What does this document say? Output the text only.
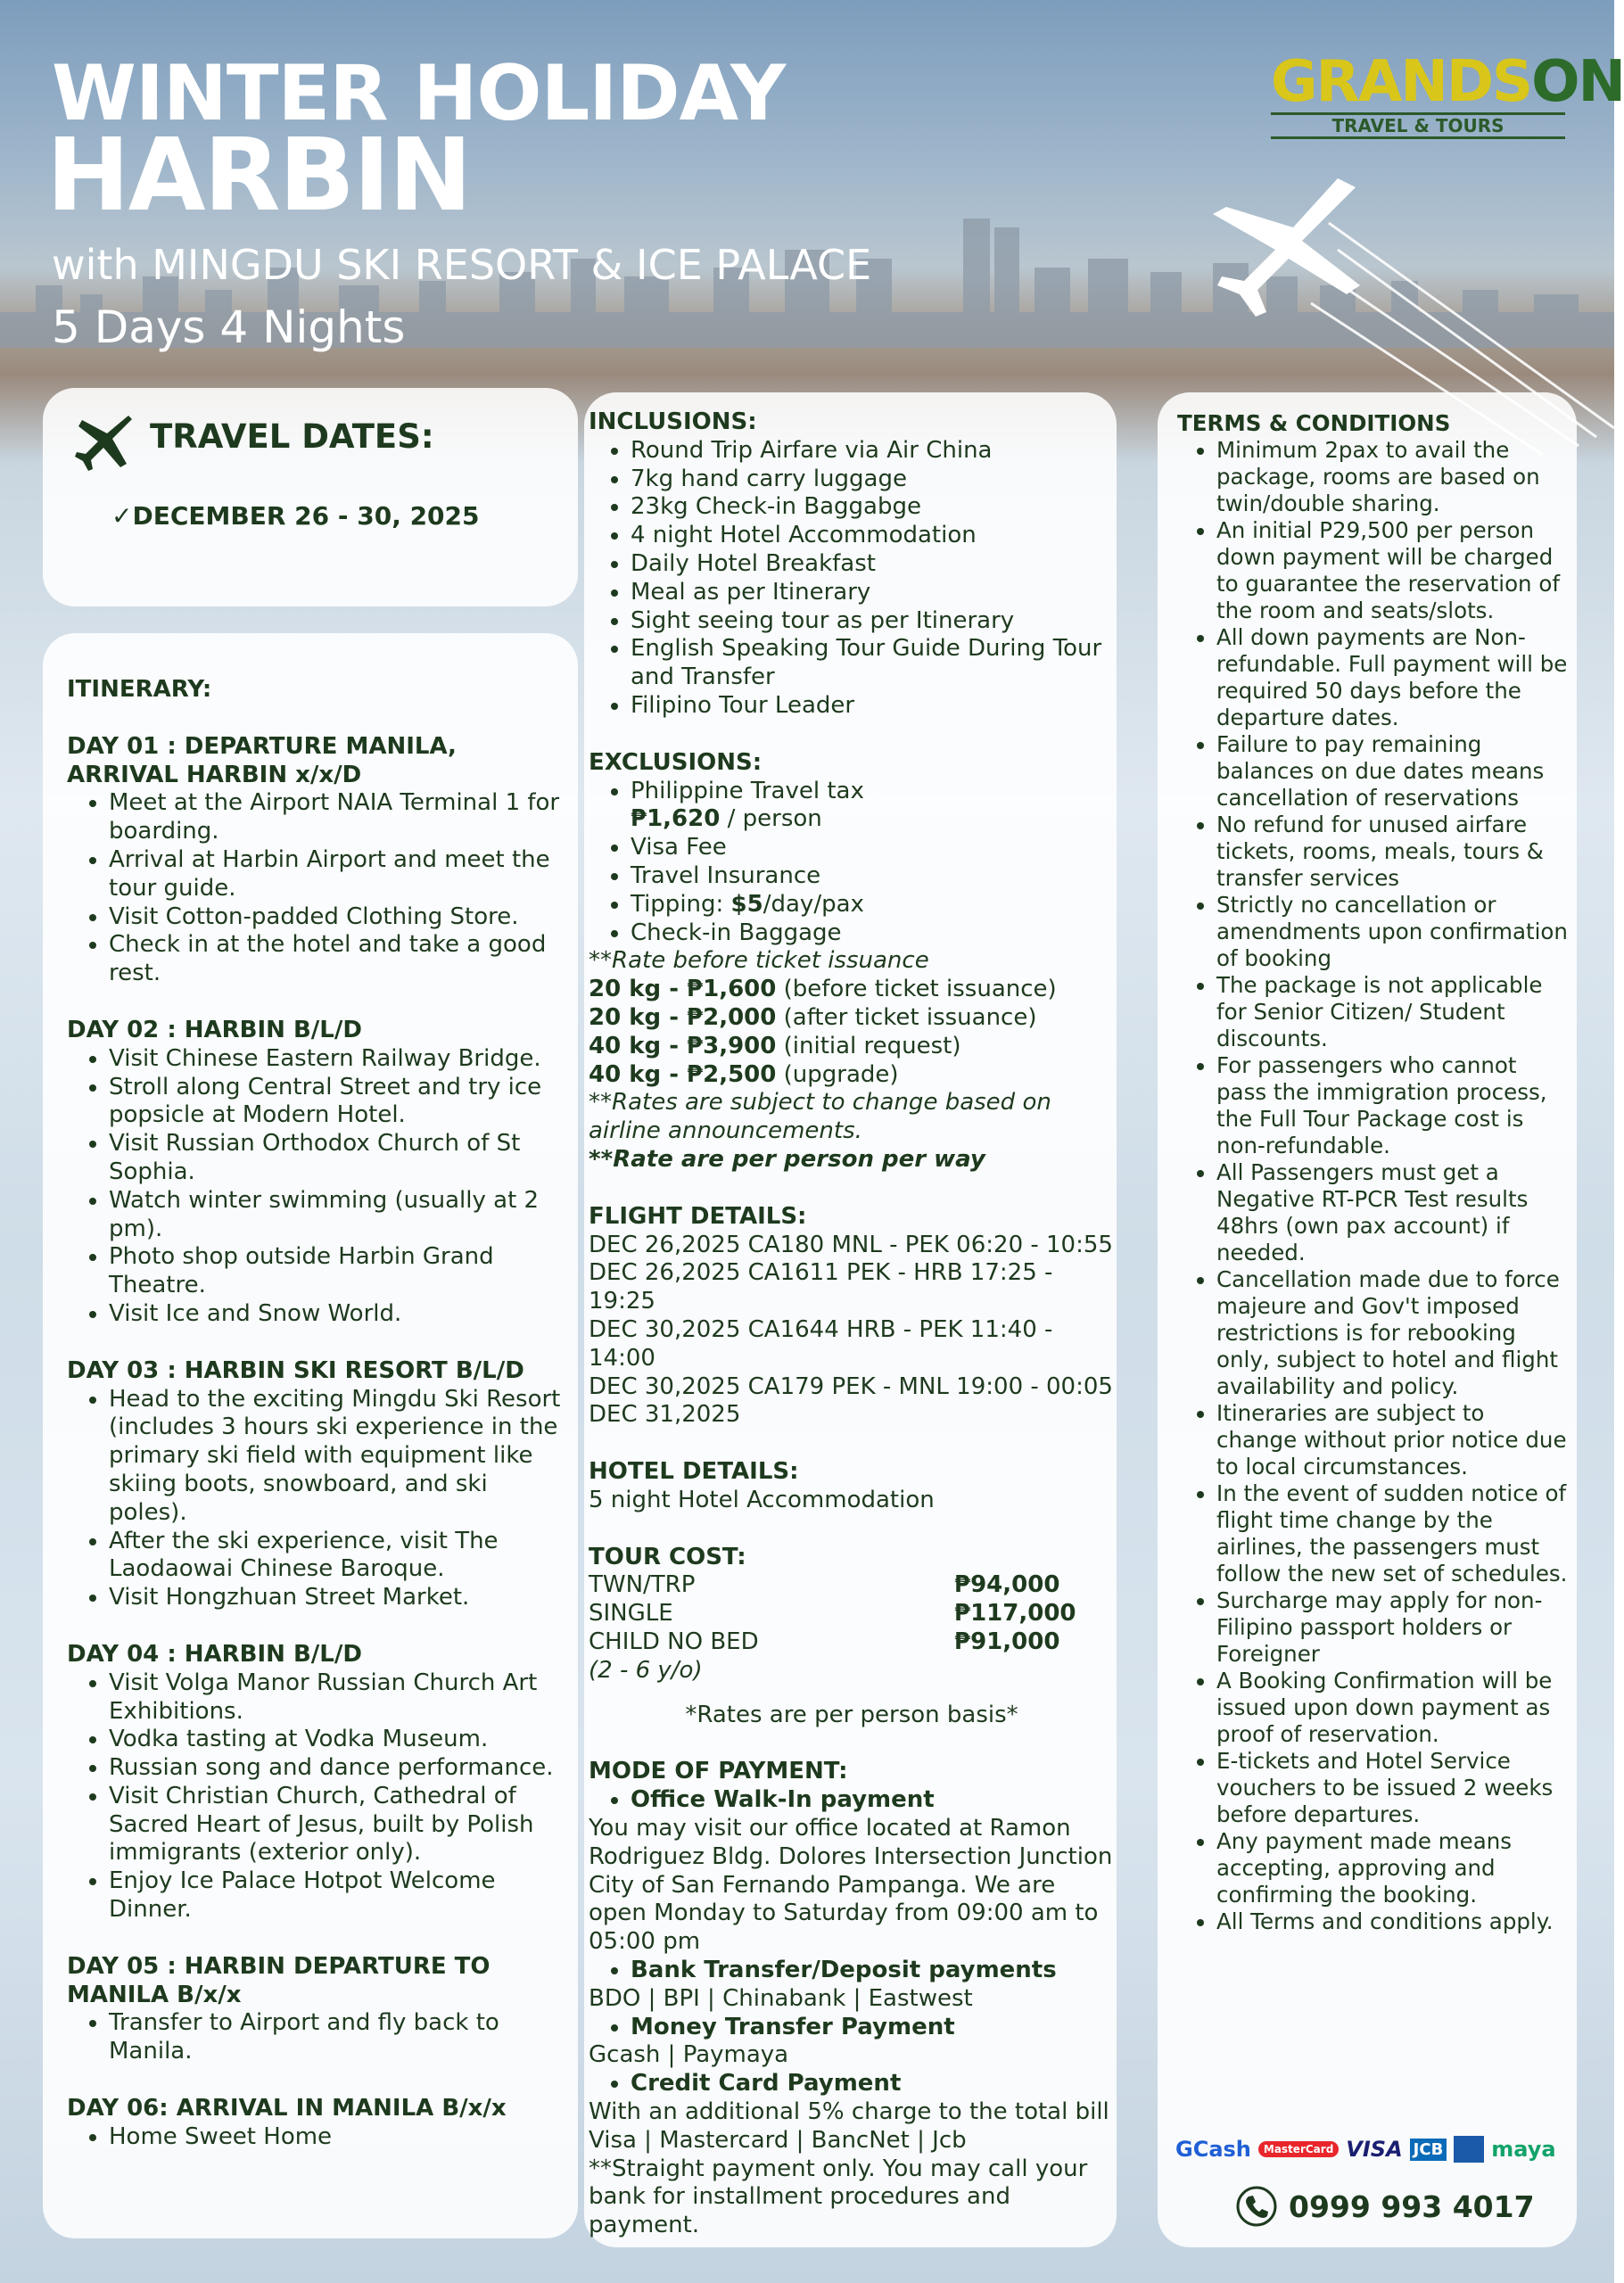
WINTER HOLIDAY
HARBIN
with MINGDU SKI RESORT & ICE PALACE
5 Days 4 Nights
GRANDSON
TRAVEL & TOURS
TRAVEL DATES:
✓DECEMBER 26 - 30, 2025
ITINERARY:
DAY 01 : DEPARTURE MANILA, ARRIVAL HARBIN x/x/D
• Meet at the Airport NAIA Terminal 1 for boarding.
• Arrival at Harbin Airport and meet the tour guide.
• Visit Cotton-padded Clothing Store.
• Check in at the hotel and take a good rest.
DAY 02 : HARBIN B/L/D
• Visit Chinese Eastern Railway Bridge.
• Stroll along Central Street and try ice popsicle at Modern Hotel.
• Visit Russian Orthodox Church of St Sophia.
• Watch winter swimming (usually at 2 pm).
• Photo shop outside Harbin Grand Theatre.
• Visit Ice and Snow World.
DAY 03 : HARBIN SKI RESORT B/L/D
• Head to the exciting Mingdu Ski Resort (includes 3 hours ski experience in the primary ski field with equipment like skiing boots, snowboard, and ski poles).
• After the ski experience, visit The Laodaowai Chinese Baroque.
• Visit Hongzhuan Street Market.
DAY 04 : HARBIN B/L/D
• Visit Volga Manor Russian Church Art Exhibitions.
• Vodka tasting at Vodka Museum.
• Russian song and dance performance.
• Visit Christian Church, Cathedral of Sacred Heart of Jesus, built by Polish immigrants (exterior only).
• Enjoy Ice Palace Hotpot Welcome Dinner.
DAY 05 : HARBIN DEPARTURE TO MANILA B/x/x
• Transfer to Airport and fly back to Manila.
DAY 06: ARRIVAL IN MANILA B/x/x
• Home Sweet Home
INCLUSIONS:
• Round Trip Airfare via Air China
• 7kg hand carry luggage
• 23kg Check-in Baggabge
• 4 night Hotel Accommodation
• Daily Hotel Breakfast
• Meal as per Itinerary
• Sight seeing tour as per Itinerary
• English Speaking Tour Guide During Tour and Transfer
• Filipino Tour Leader
EXCLUSIONS:
• Philippine Travel tax
₱1,620 / person
• Visa Fee
• Travel Insurance
• Tipping: $5/day/pax
• Check-in Baggage
**Rate before ticket issuance
20 kg - ₱1,600 (before ticket issuance)
20 kg - ₱2,000 (after ticket issuance)
40 kg - ₱3,900 (initial request)
40 kg - ₱2,500 (upgrade)
**Rates are subject to change based on airline announcements.
**Rate are per person per way
FLIGHT DETAILS:
DEC 26,2025 CA180 MNL - PEK 06:20 - 10:55
DEC 26,2025 CA1611 PEK - HRB 17:25 - 19:25
DEC 30,2025 CA1644 HRB - PEK 11:40 - 14:00
DEC 30,2025 CA179 PEK - MNL 19:00 - 00:05
DEC 31,2025
HOTEL DETAILS:
5 night Hotel Accommodation
TOUR COST:
TWN/TRP	₱94,000
SINGLE	₱117,000
CHILD NO BED	₱91,000
(2 - 6 y/o)
*Rates are per person basis*
MODE OF PAYMENT:
• Office Walk-In payment
You may visit our office located at Ramon Rodriguez Bldg. Dolores Intersection Junction City of San Fernando Pampanga. We are open Monday to Saturday from 09:00 am to 05:00 pm
• Bank Transfer/Deposit payments
BDO | BPI | Chinabank | Eastwest
• Money Transfer Payment
Gcash | Paymaya
• Credit Card Payment
With an additional 5% charge to the total bill
Visa | Mastercard | BancNet | Jcb
**Straight payment only. You may call your bank for installment procedures and payment.
TERMS & CONDITIONS
• Minimum 2pax to avail the package, rooms are based on twin/double sharing.
• An initial P29,500 per person down payment will be charged to guarantee the reservation of the room and seats/slots.
• All down payments are Non-refundable. Full payment will be required 50 days before the departure dates.
• Failure to pay remaining balances on due dates means cancellation of reservations
• No refund for unused airfare tickets, rooms, meals, tours & transfer services
• Strictly no cancellation or amendments upon confirmation of booking
• The package is not applicable for Senior Citizen/ Student discounts.
• For passengers who cannot pass the immigration process, the Full Tour Package cost is non-refundable.
• All Passengers must get a Negative RT-PCR Test results 48hrs (own pax account) if needed.
• Cancellation made due to force majeure and Gov't imposed restrictions is for rebooking only, subject to hotel and flight availability and policy.
• Itineraries are subject to change without prior notice due to local circumstances.
• In the event of sudden notice of flight time change by the airlines, the passengers must follow the new set of schedules.
• Surcharge may apply for non-Filipino passport holders or Foreigner
• A Booking Confirmation will be issued upon down payment as proof of reservation.
• E-tickets and Hotel Service vouchers to be issued 2 weeks before departures.
• Any payment made means accepting, approving and confirming the booking.
• All Terms and conditions apply.
GCash	MasterCard VISA JCB maya
0999 993 4017
